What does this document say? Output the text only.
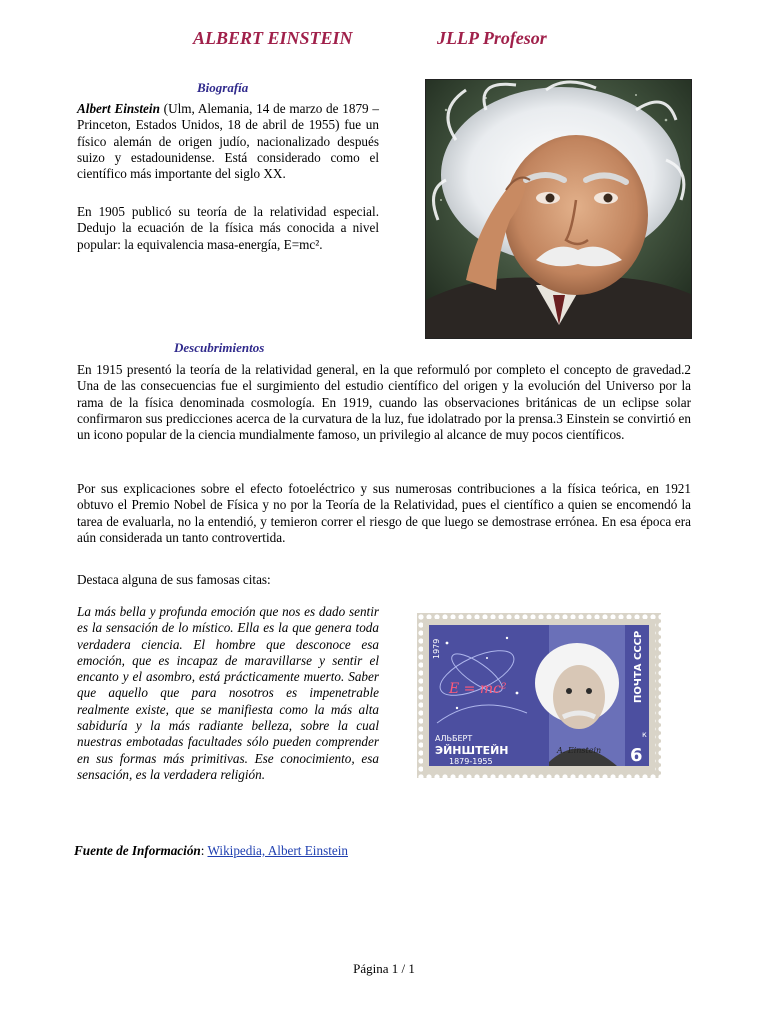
ALBERT EINSTEIN	JLLP Profesor
Biografía

Albert Einstein (Ulm, Alemania, 14 de marzo de 1879 – Princeton, Estados Unidos, 18 de abril de 1955) fue un físico alemán de origen judío, nacionalizado después suizo y estadounidense. Está considerado como el científico más importante del siglo XX.

En 1905 publicó su teoría de la relatividad especial. Dedujo la ecuación de la física más conocida a nivel popular: la equivalencia masa-energía, E=mc².

Descubrimientos

En 1915 presentó la teoría de la relatividad general, en la que reformuló por completo el concepto de gravedad.2 Una de las consecuencias fue el surgimiento del estudio científico del origen y la evolución del Universo por la rama de la física denominada cosmología. En 1919, cuando las observaciones británicas de un eclipse solar confirmaron sus predicciones acerca de la curvatura de la luz, fue idolatrado por la prensa.3 Einstein se convirtió en un icono popular de la ciencia mundialmente famoso, un privilegio al alcance de muy pocos científicos.

Por sus explicaciones sobre el efecto fotoeléctrico y sus numerosas contribuciones a la física teórica, en 1921 obtuvo el Premio Nobel de Física y no por la Teoría de la Relatividad, pues el científico a quien se encomendó la tarea de evaluarla, no la entendió, y temieron correr el riesgo de que luego se demostrase errónea. En esa época era aún considerada un tanto controvertida.

Destaca alguna de sus famosas citas:

La más bella y profunda emoción que nos es dado sentir es la sensación de lo místico. Ella es la que genera toda verdadera ciencia. El hombre que desconoce esa emoción, que es incapaz de maravillarse y sentir el encanto y el asombro, está prácticamente muerto. Saber que aquello que para nosotros es impenetrable realmente existe, que se manifiesta como la más alta sabiduría y la más radiante belleza, sobre la cual nuestras embotadas facultades sólo pueden comprender en sus formas más primitivas. Ese conocimiento, esa sensación, es la verdadera religión.

E = mc²
1979
АЛЬБЕРТ
ЭЙНШТЕЙН
1879-1955
A. Einstein
ПОЧТА СССР
6
к
Fuente de Información: Wikipedia, Albert Einstein
Página 1 / 1
